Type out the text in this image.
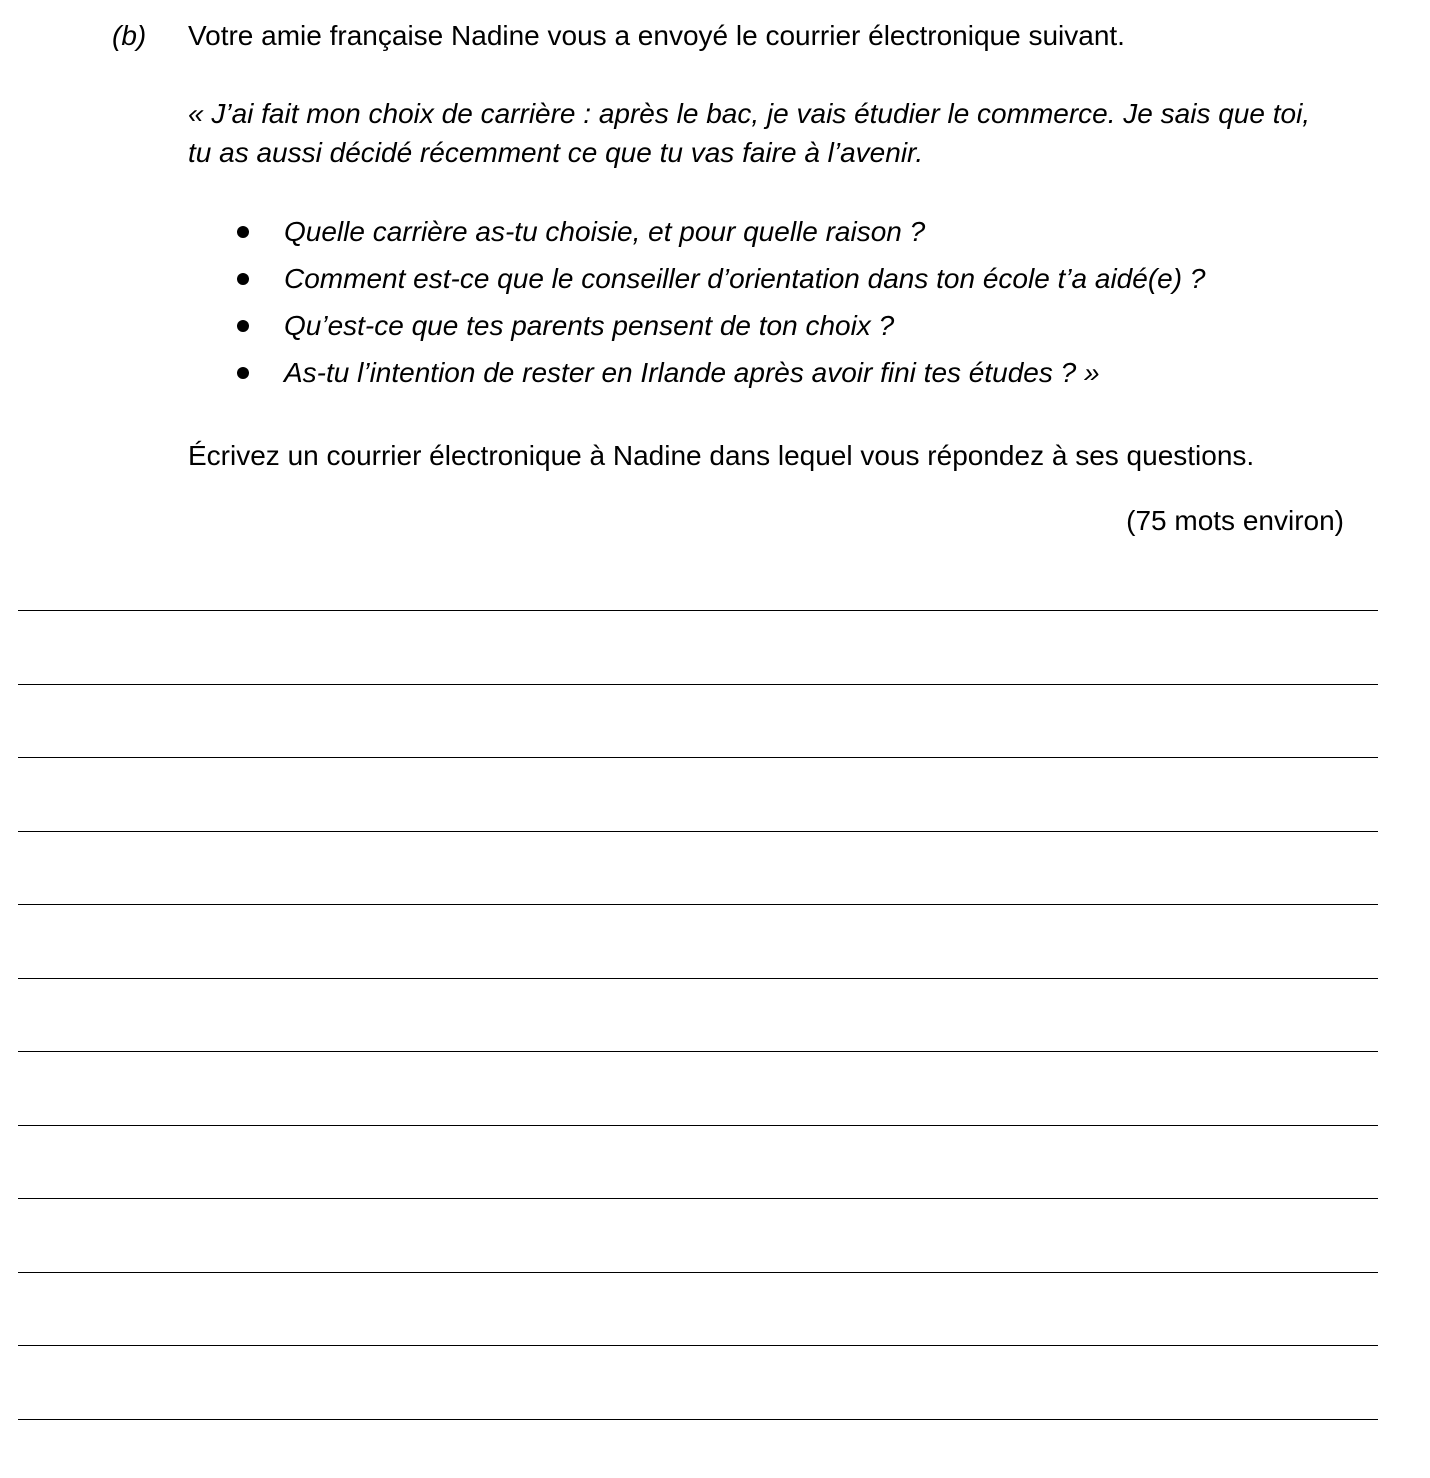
(b) Votre amie française Nadine vous a envoyé le courrier électronique suivant.
« J’ai fait mon choix de carrière : après le bac, je vais étudier le commerce. Je sais que toi,
tu as aussi décidé récemment ce que tu vas faire à l’avenir.
Quelle carrière as-tu choisie, et pour quelle raison ?
Comment est-ce que le conseiller d’orientation dans ton école t’a aidé(e) ?
Qu’est-ce que tes parents pensent de ton choix ?
As-tu l’intention de rester en Irlande après avoir fini tes études ? »
Écrivez un courrier électronique à Nadine dans lequel vous répondez à ses questions.
(75 mots environ)
